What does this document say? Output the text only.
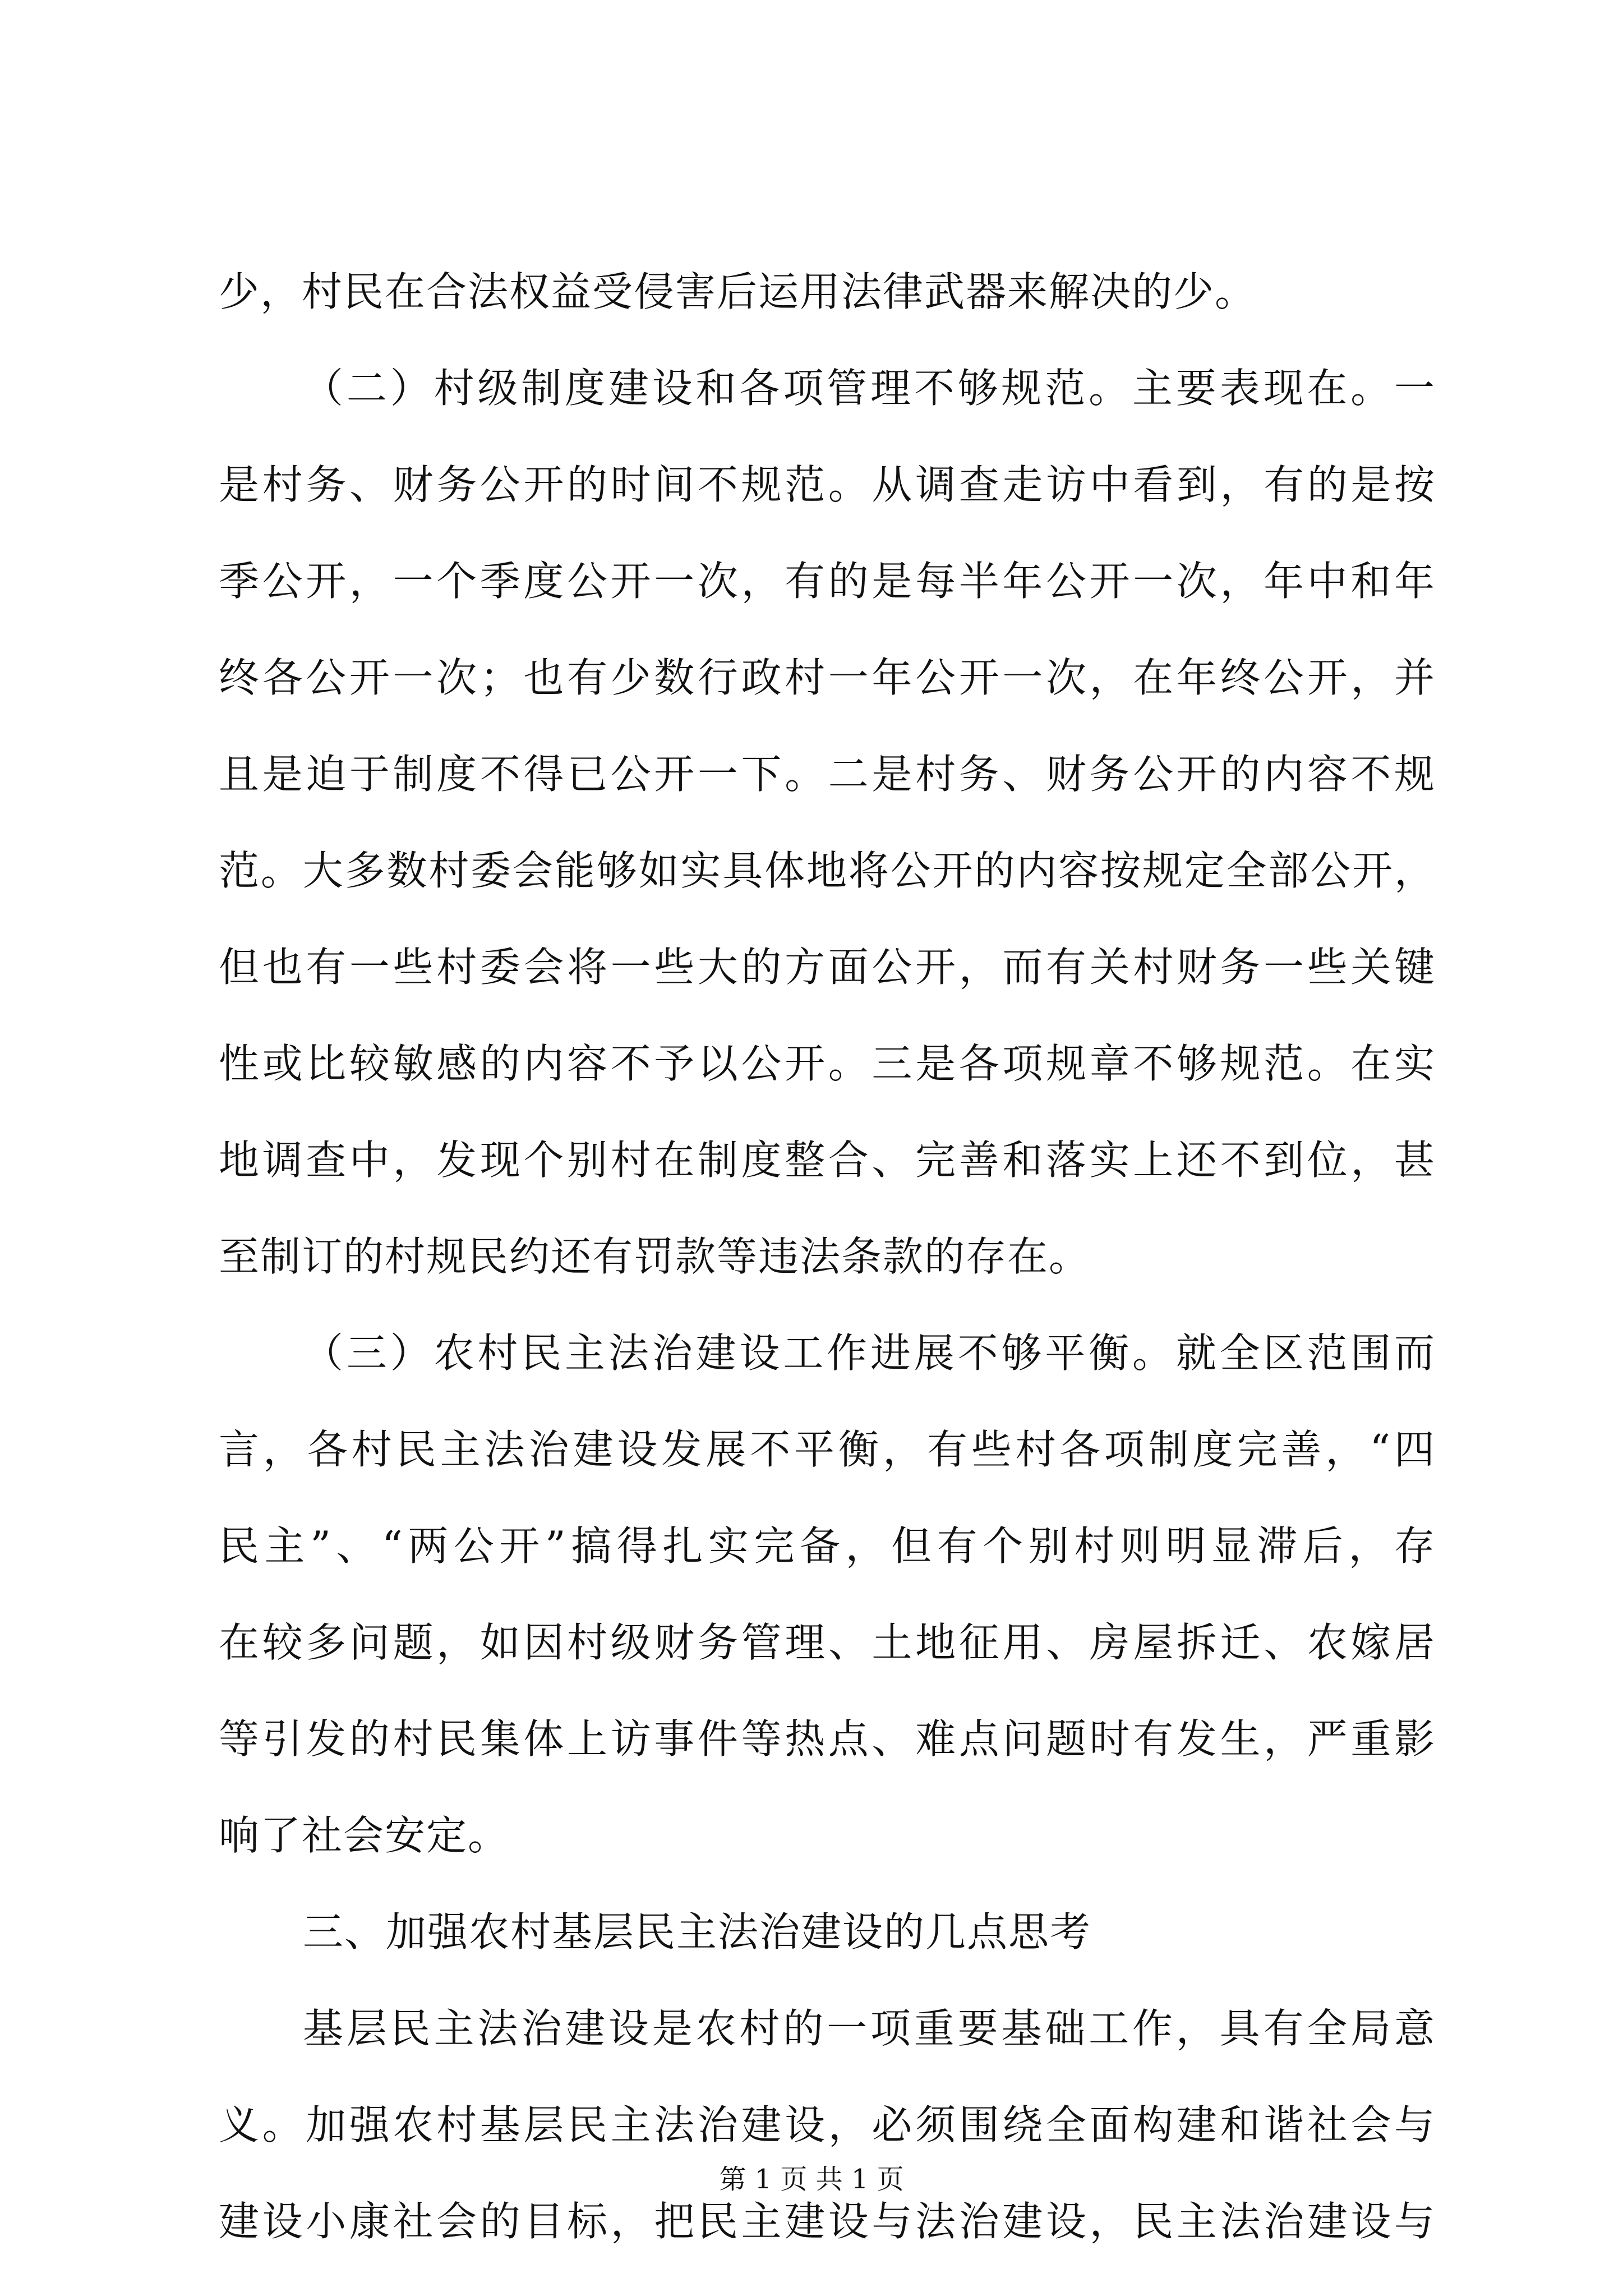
少，村民在合法权益受侵害后运用法律武器来解决的少。
（二）村级制度建设和各项管理不够规范。主要表现在。一
是村务、财务公开的时间不规范。从调查走访中看到，有的是按
季公开，一个季度公开一次，有的是每半年公开一次，年中和年
终各公开一次；也有少数行政村一年公开一次，在年终公开，并
且是迫于制度不得已公开一下。二是村务、财务公开的内容不规
范。大多数村委会能够如实具体地将公开的内容按规定全部公开，
但也有一些村委会将一些大的方面公开，而有关村财务一些关键
性或比较敏感的内容不予以公开。三是各项规章不够规范。在实
地调查中，发现个别村在制度整合、完善和落实上还不到位，甚
至制订的村规民约还有罚款等违法条款的存在。
（三）农村民主法治建设工作进展不够平衡。就全区范围而
言，各村民主法治建设发展不平衡，有些村各项制度完善，“四
民主”、“两公开”搞得扎实完备，但有个别村则明显滞后，存
在较多问题，如因村级财务管理、土地征用、房屋拆迁、农嫁居
等引发的村民集体上访事件等热点、难点问题时有发生，严重影
响了社会安定。
三、加强农村基层民主法治建设的几点思考
基层民主法治建设是农村的一项重要基础工作，具有全局意
义。加强农村基层民主法治建设，必须围绕全面构建和谐社会与
建设小康社会的目标，把民主建设与法治建设，民主法治建设与
第 1 页 共 1 页
